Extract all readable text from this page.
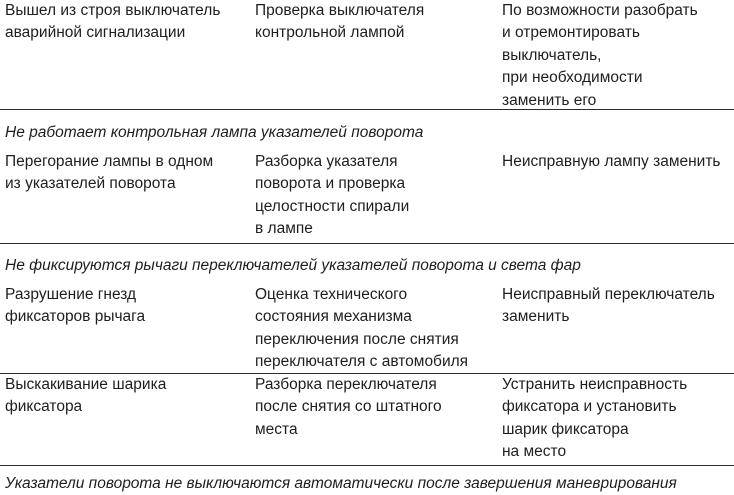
Вышел из строя выключатель
аварийной сигнализации
Проверка выключателя
контрольной лампой
По возможности разобрать
и отремонтировать
выключатель,
при необходимости
заменить его
Не работает контрольная лампа указателей поворота
Перегорание лампы в одном
из указателей поворота
Разборка указателя
поворота и проверка
целостности спирали
в лампе
Неисправную лампу заменить
Не фиксируются рычаги переключателей указателей поворота и света фар
Разрушение гнезд
фиксаторов рычага
Оценка технического
состояния механизма
переключения после снятия
переключателя с автомобиля
Неисправный переключатель
заменить
Выскакивание шарика
фиксатора
Разборка переключателя
после снятия со штатного
места
Устранить неисправность
фиксатора и установить
шарик фиксатора
на место
Указатели поворота не выключаются автоматически после завершения маневрирования
